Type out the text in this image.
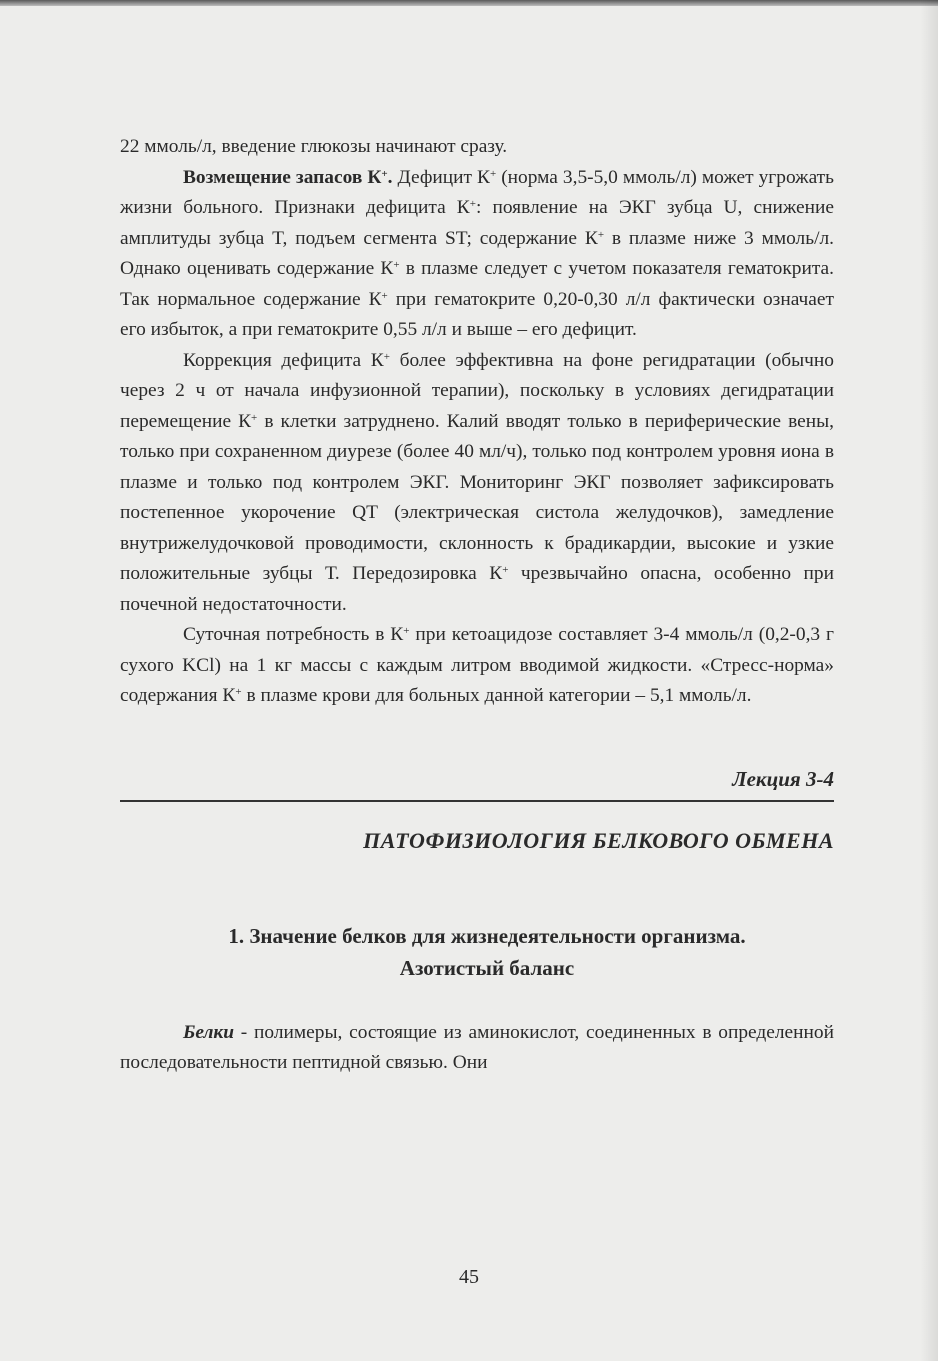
22 ммоль/л, введение глюкозы начинают сразу.

Возмещение запасов К+. Дефицит К+ (норма 3,5-5,0 ммоль/л) может угрожать жизни больного. Признаки дефицита К+: появление на ЭКГ зубца U, снижение амплитуды зубца T, подъем сегмента ST; содержание К+ в плазме ниже 3 ммоль/л. Однако оценивать содержание К+ в плазме следует с учетом показателя гематокрита. Так нормальное содержание К+ при гематокрите 0,20-0,30 л/л фактически означает его избыток, а при гематокрите 0,55 л/л и выше – его дефицит.

Коррекция дефицита К+ более эффективна на фоне регидратации (обычно через 2 ч от начала инфузионной терапии), поскольку в условиях дегидратации перемещение К+ в клетки затруднено. Калий вводят только в периферические вены, только при сохраненном диурезе (более 40 мл/ч), только под контролем уровня иона в плазме и только под контролем ЭКГ. Мониторинг ЭКГ позволяет зафиксировать постепенное укорочение QT (электрическая систола желудочков), замедление внутрижелудочковой проводимости, склонность к брадикардии, высокие и узкие положительные зубцы Т. Передозировка К+ чрезвычайно опасна, особенно при почечной недостаточности.

Суточная потребность в К+ при кетоацидозе составляет 3-4 ммоль/л (0,2-0,3 г сухого KCl) на 1 кг массы с каждым литром вводимой жидкости. «Стресс-норма» содержания К+ в плазме крови для больных данной категории – 5,1 ммоль/л.

Лекция 3-4
ПАТОФИЗИОЛОГИЯ БЕЛКОВОГО ОБМЕНА
1. Значение белков для жизнедеятельности организма.
Азотистый баланс

Белки - полимеры, состоящие из аминокислот, соединенных в определенной последовательности пептидной связью. Они

45
